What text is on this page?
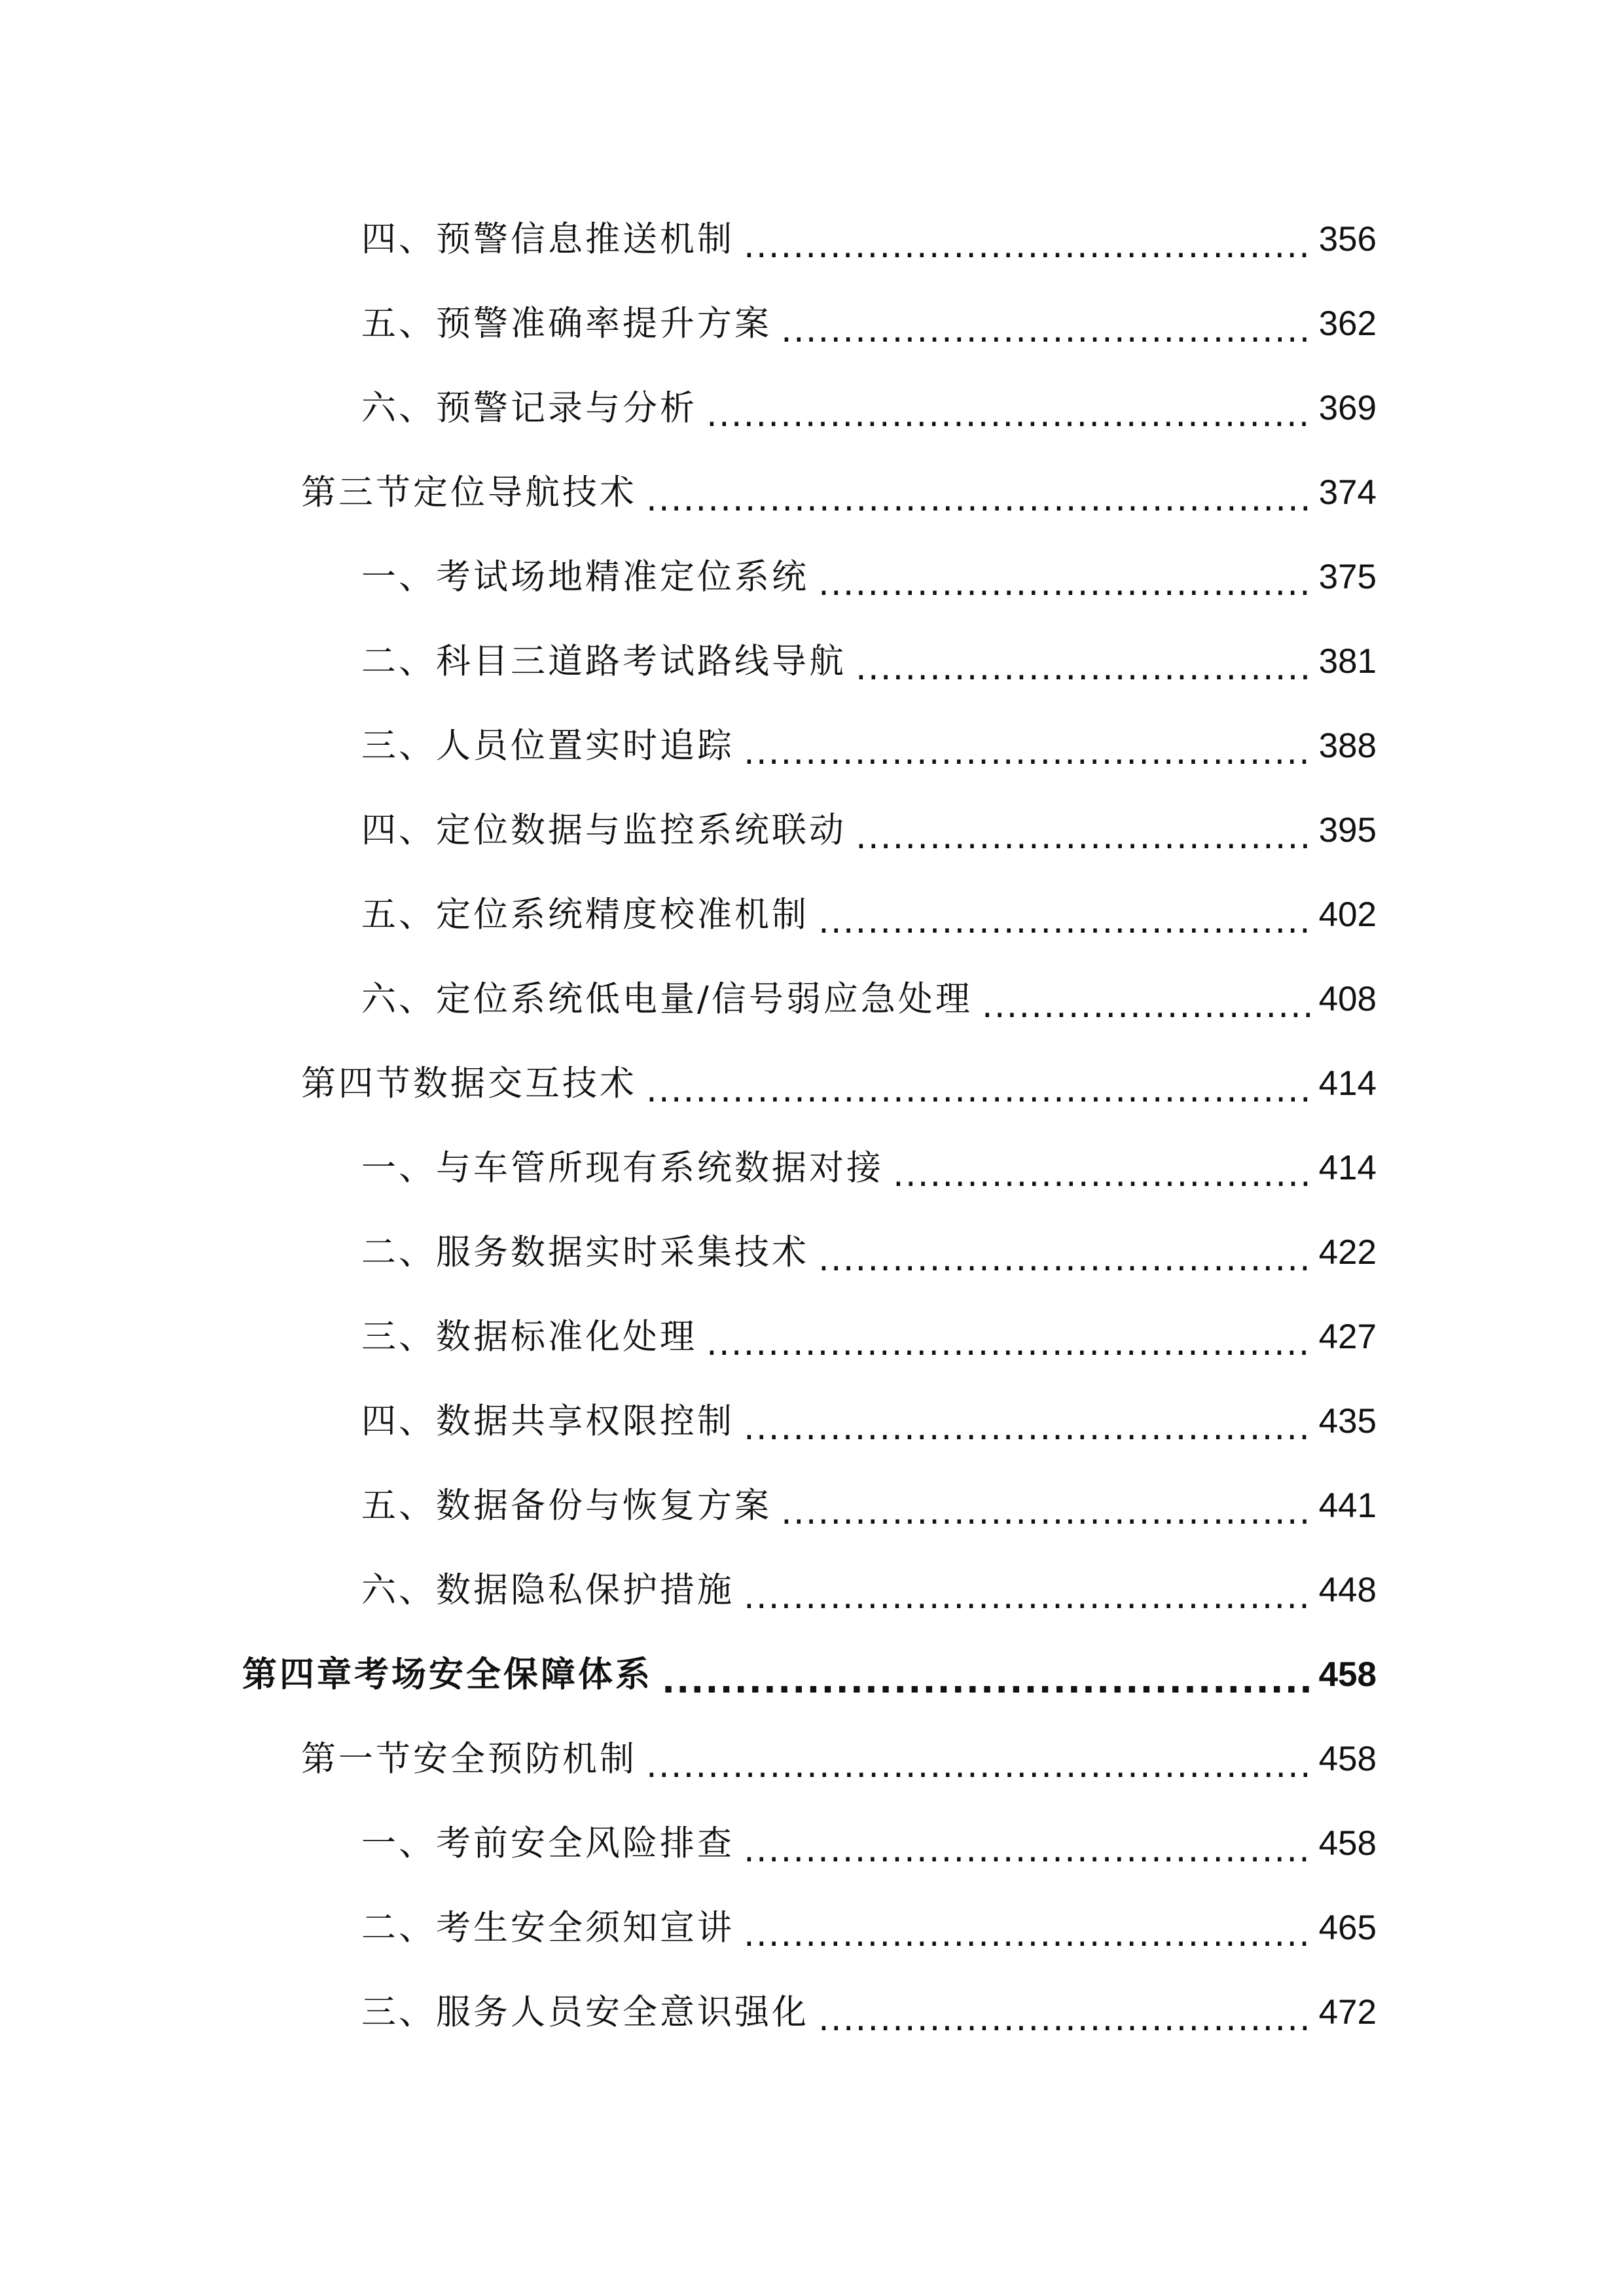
四、预警信息推送机制 .....	356
五、预警准确率提升方案 .....	362
六、预警记录与分析 .....	369
第三节定位导航技术 .....	374
一、考试场地精准定位系统 .....	375
二、科目三道路考试路线导航 .....	381
三、人员位置实时追踪 .....	388
四、定位数据与监控系统联动 .....	395
五、定位系统精度校准机制 .....	402
六、定位系统低电量/信号弱应急处理 .....	408
第四节数据交互技术 .....	414
一、与车管所现有系统数据对接 .....	414
二、服务数据实时采集技术 .....	422
三、数据标准化处理 .....	427
四、数据共享权限控制 .....	435
五、数据备份与恢复方案 .....	441
六、数据隐私保护措施 .....	448
第四章考场安全保障体系 .....	458
第一节安全预防机制 .....	458
一、考前安全风险排查 .....	458
二、考生安全须知宣讲 .....	465
三、服务人员安全意识强化 .....	472
